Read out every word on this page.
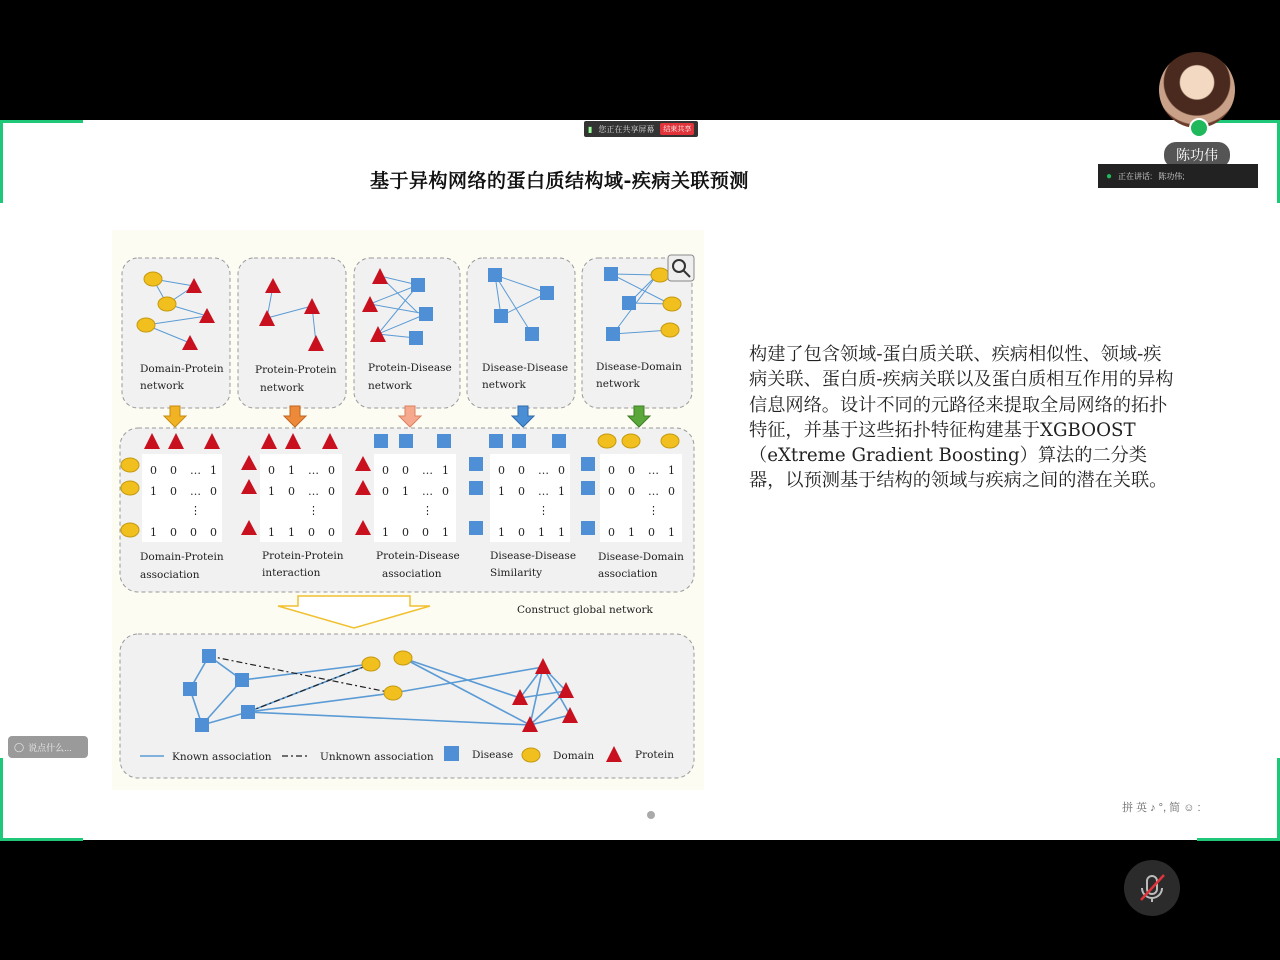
▮ 您正在共享屏幕	结束共享
基于异构网络的蛋白质结构域-疾病关联预测
Domain-Protein
network
Protein-Protein
network
Protein-Disease
network
Disease-Disease
network
Disease-Domain
network
Domain-Protein
association
Protein-Protein
interaction
Protein-Disease
association
Disease-Disease
Similarity
Disease-Domain
association
0 0 … 1
1 0 … 0
⋮
1 0 0 0
0 1 … 0
1 0 … 0
⋮
1 1 0 0
0 0 … 1
0 1 … 0
⋮
1 0 0 1
0 0 … 0
1 0 … 1
⋮
1 0 1 1
0 0 … 1
0 0 … 0
⋮
0 1 0 1
Construct global network
Known association	Unknown association	Disease	Domain	Protein
构建了包含领域-蛋白质关联、疾病相似性、领域-疾病关联、蛋白质-疾病关联以及蛋白质相互作用的异构信息网络。设计不同的元路径来提取全局网络的拓扑特征，并基于这些拓扑特征构建基于XGBOOST（eXtreme Gradient Boosting）算法的二分类器，以预测基于结构的领域与疾病之间的潜在关联。
陈功伟
● 正在讲话: 陈功伟;
◯ 说点什么...
拼 英 ♪ °, 简 ☺ :
